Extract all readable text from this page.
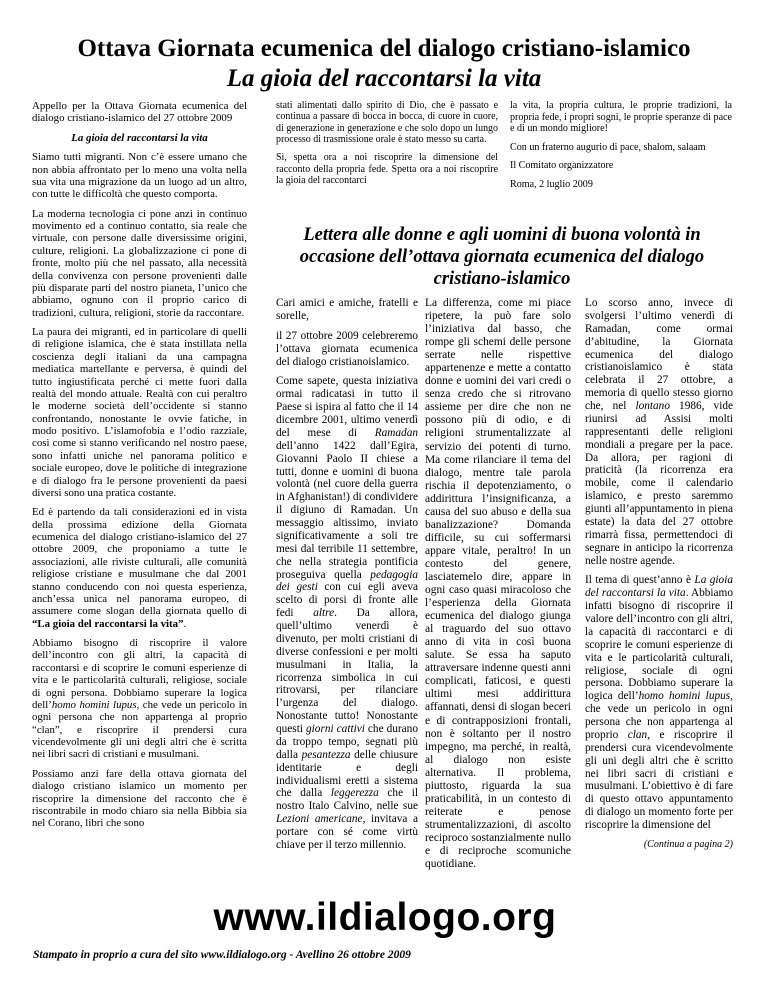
Ottava Giornata ecumenica del dialogo cristiano-islamico
La gioia del raccontarsi la vita

Appello per la Ottava Giornata ecumenica del dialogo cristiano-islamico del 27 ottobre 2009

La gioia del raccontarsi la vita

Siamo tutti migranti. Non c’è essere umano che non abbia affrontato per lo meno una volta nella sua vita una migrazione da un luogo ad un altro, con tutte le difficoltà che questo comporta.

La moderna tecnologia ci pone anzi in continuo movimento ed a continuo contatto, sia reale che virtuale, con persone dalle diversissime origini, culture, religioni. La globalizzazione ci pone di fronte, molto più che nel passato, alla necessità della convivenza con persone provenienti dalle più disparate parti del nostro pianeta, l’unico che abbiamo, ognuno con il proprio carico di tradizioni, cultura, religioni, storie da raccontare.

La paura dei migranti, ed in particolare di quelli di religione islamica, che è stata instillata nella coscienza degli italiani da una campagna mediatica martellante e perversa, è quindi del tutto ingiustificata perché ci mette fuori dalla realtà del mondo attuale. Realtà con cui peraltro le moderne società dell’occidente si stanno confrontando, nonostante le ovvie fatiche, in modo positivo. L’islamofobia e l’odio razziale, così come si stanno verificando nel nostro paese, sono infatti uniche nel panorama politico e sociale europeo, dove le politiche di integrazione e di dialogo fra le persone provenienti da paesi diversi sono una pratica costante.

Ed è partendo da tali considerazioni ed in vista della prossima edizione della Giornata ecumenica del dialogo cristiano-islamico del 27 ottobre 2009, che proponiamo a tutte le associazioni, alle riviste culturali, alle comunità religiose cristiane e musulmane che dal 2001 stanno conducendo con noi questa esperienza, anch’essa unica nel panorama europeo, di assumere come slogan della giornata quello di “La gioia del raccontarsi la vita”.

Abbiamo bisogno di riscoprire il valore dell’incontro con gli altri, la capacità di raccontarsi e di scoprire le comuni esperienze di vita e le particolarità culturali, religiose, sociale di ogni persona. Dobbiamo superare la logica dell’homo homini lupus, che vede un pericolo in ogni persona che non appartenga al proprio “clan”, e riscoprire il prendersi cura vicendevolmente gli uni degli altri che è scritta nei libri sacri di cristiani e musulmani.

Possiamo anzi fare della ottava giornata del dialogo cristiano islamico un momento per riscoprire la dimensione del racconto che è riscontrabile in modo chiaro sia nella Bibbia sia nel Corano, libri che sono

stati alimentati dallo spirito di Dio, che è passato e continua a passare di bocca in bocca, di cuore in cuore, di generazione in generazione e che solo dopo un lungo processo di trasmissione orale è stato messo su carta.

Sì, spetta ora a noi riscoprire la dimensione del racconto della propria fede. Spetta ora a noi riscoprire la gioia del raccontarci

la vita, la propria cultura, le proprie tradizioni, la propria fede, i propri sogni, le proprie speranze di pace e di un mondo migliore!

Con un fraterno augurio di pace, shalom, salaam

Il Comitato organizzatore

Roma, 2 luglio 2009

Lettera alle donne e agli uomini di buona volontà in occasione dell’ottava giornata ecumenica del dialogo cristiano-islamico

Cari amici e amiche, fratelli e sorelle,

il 27 ottobre 2009 celebreremo l’ottava giornata ecumenica del dialogo cristianoislamico.

Come sapete, questa iniziativa ormai radicatasi in tutto il Paese si ispira al fatto che il 14 dicembre 2001, ultimo venerdì del mese di Ramadan dell’anno 1422 dall’Egira, Giovanni Paolo II chiese a tutti, donne e uomini di buona volontà (nel cuore della guerra in Afghanistan!) di condividere il digiuno di Ramadan. Un messaggio altissimo, inviato significativamente a soli tre mesi dal terribile 11 settembre, che nella strategia pontificia proseguiva quella pedagogia dei gesti con cui egli aveva scelto di porsi di fronte alle fedi altre. Da allora, quell’ultimo venerdì è divenuto, per molti cristiani di diverse confessioni e per molti musulmani in Italia, la ricorrenza simbolica in cui ritrovarsi, per rilanciare l’urgenza del dialogo. Nonostante tutto! Nonostante questi giorni cattivi che durano da troppo tempo, segnati più dalla pesantezza delle chiusure identitarie e degli individualismi eretti a sistema che dalla leggerezza che il nostro Italo Calvino, nelle sue Lezioni americane, invitava a portare con sé come virtù chiave per il terzo millennio.

La differenza, come mi piace ripetere, la può fare solo l’iniziativa dal basso, che rompe gli schemi delle persone serrate nelle rispettive appartenenze e mette a contatto donne e uomini dei vari credi o senza credo che si ritrovano assieme per dire che non ne possono più di odio, e di religioni strumentalizzate al servizio dei potenti di turno. Ma come rilanciare il tema del dialogo, mentre tale parola rischia il depotenziamento, o addirittura l’insignificanza, a causa del suo abuso e della sua banalizzazione? Domanda difficile, su cui soffermarsi appare vitale, peraltro! In un contesto del genere, lasciatemelo dire, appare in ogni caso quasi miracoloso che l’esperienza della Giornata ecumenica del dialogo giunga al traguardo del suo ottavo anno di vita in così buona salute. Se essa ha saputo attraversare indenne questi anni complicati, faticosi, e questi ultimi mesi addirittura affannati, densi di slogan beceri e di contrapposizioni frontali, non è soltanto per il nostro impegno, ma perché, in realtà, al dialogo non esiste alternativa. Il problema, piuttosto, riguarda la sua praticabilità, in un contesto di reiterate e penose strumentalizzazioni, di ascolto reciproco sostanzialmente nullo e di reciproche scomuniche quotidiane.

Lo scorso anno, invece di svolgersi l’ultimo venerdì di Ramadan, come ormai d’abitudine, la Giornata ecumenica del dialogo cristianoislamico è stata celebrata il 27 ottobre, a memoria di quello stesso giorno che, nel lontano 1986, vide riunirsi ad Assisi molti rappresentanti delle religioni mondiali a pregare per la pace. Da allora, per ragioni di praticità (la ricorrenza era mobile, come il calendario islamico, e presto saremmo giunti all’appuntamento in piena estate) la data del 27 ottobre rimarrà fissa, permettendoci di segnare in anticipo la ricorrenza nelle nostre agende.

Il tema di quest’anno è La gioia del raccontarsi la vita. Abbiamo infatti bisogno di riscoprire il valore dell’incontro con gli altri, la capacità di raccontarci e di scoprire le comuni esperienze di vita e le particolarità culturali, religiose, sociale di ogni persona. Dobbiamo superare la logica dell’homo homini lupus, che vede un pericolo in ogni persona che non appartenga al proprio clan, e riscoprire il prendersi cura vicendevolmente gli uni degli altri che è scritto nei libri sacri di cristiani e musulmani. L’obiettivo è di fare di questo ottavo appuntamento di dialogo un momento forte per riscoprire la dimensione del

(Continua a pagina 2)
www.ildialogo.org
Stampato in proprio a cura del sito www.ildialogo.org - Avellino 26 ottobre 2009
